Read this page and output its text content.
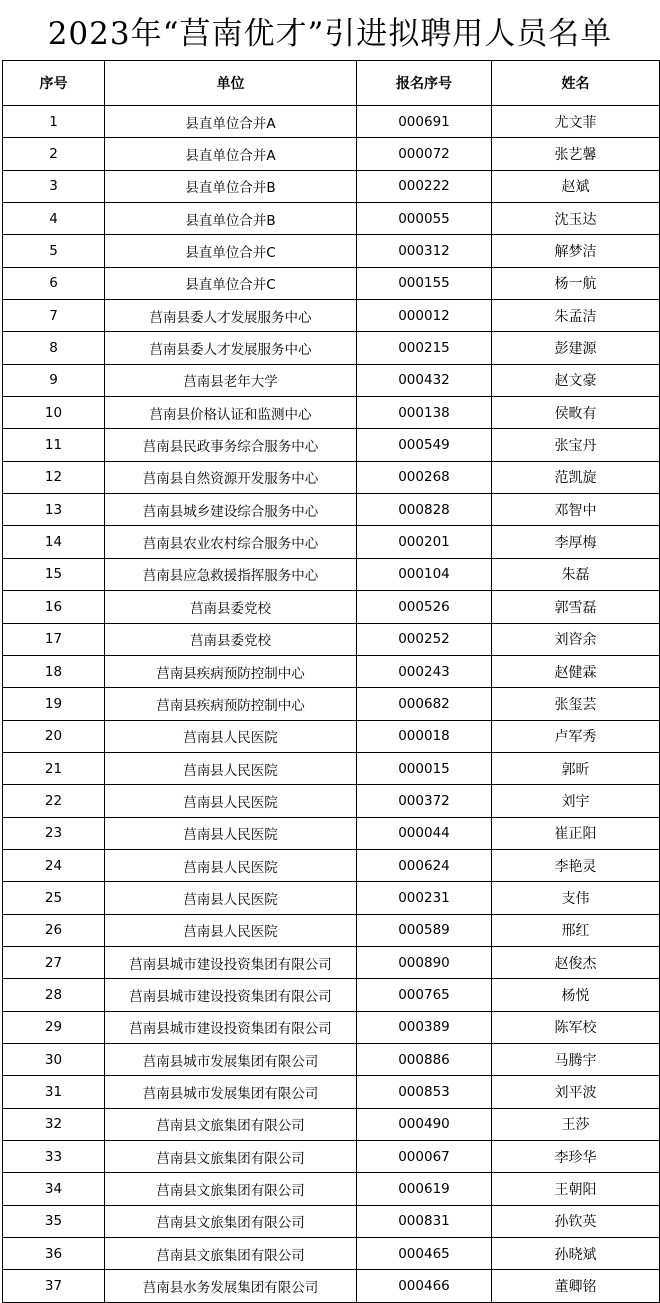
2023年“莒南优才”引进拟聘用人员名单
序号	单位	报名序号	姓名
1	县直单位合并A	000691	尤文菲
2	县直单位合并A	000072	张艺馨
3	县直单位合并B	000222	赵斌
4	县直单位合并B	000055	沈玉达
5	县直单位合并C	000312	解梦洁
6	县直单位合并C	000155	杨一航
7	莒南县委人才发展服务中心	000012	朱孟洁
8	莒南县委人才发展服务中心	000215	彭建源
9	莒南县老年大学	000432	赵文豪
10	莒南县价格认证和监测中心	000138	侯畋有
11	莒南县民政事务综合服务中心	000549	张宝丹
12	莒南县自然资源开发服务中心	000268	范凯旋
13	莒南县城乡建设综合服务中心	000828	邓智中
14	莒南县农业农村综合服务中心	000201	李厚梅
15	莒南县应急救援指挥服务中心	000104	朱磊
16	莒南县委党校	000526	郭雪磊
17	莒南县委党校	000252	刘咨余
18	莒南县疾病预防控制中心	000243	赵健霖
19	莒南县疾病预防控制中心	000682	张玺芸
20	莒南县人民医院	000018	卢军秀
21	莒南县人民医院	000015	郭昕
22	莒南县人民医院	000372	刘宇
23	莒南县人民医院	000044	崔正阳
24	莒南县人民医院	000624	李艳灵
25	莒南县人民医院	000231	支伟
26	莒南县人民医院	000589	邢红
27	莒南县城市建设投资集团有限公司	000890	赵俊杰
28	莒南县城市建设投资集团有限公司	000765	杨悦
29	莒南县城市建设投资集团有限公司	000389	陈军校
30	莒南县城市发展集团有限公司	000886	马腾宇
31	莒南县城市发展集团有限公司	000853	刘平波
32	莒南县文旅集团有限公司	000490	王莎
33	莒南县文旅集团有限公司	000067	李珍华
34	莒南县文旅集团有限公司	000619	王朝阳
35	莒南县文旅集团有限公司	000831	孙钦英
36	莒南县文旅集团有限公司	000465	孙晓斌
37	莒南县水务发展集团有限公司	000466	董卿铭
